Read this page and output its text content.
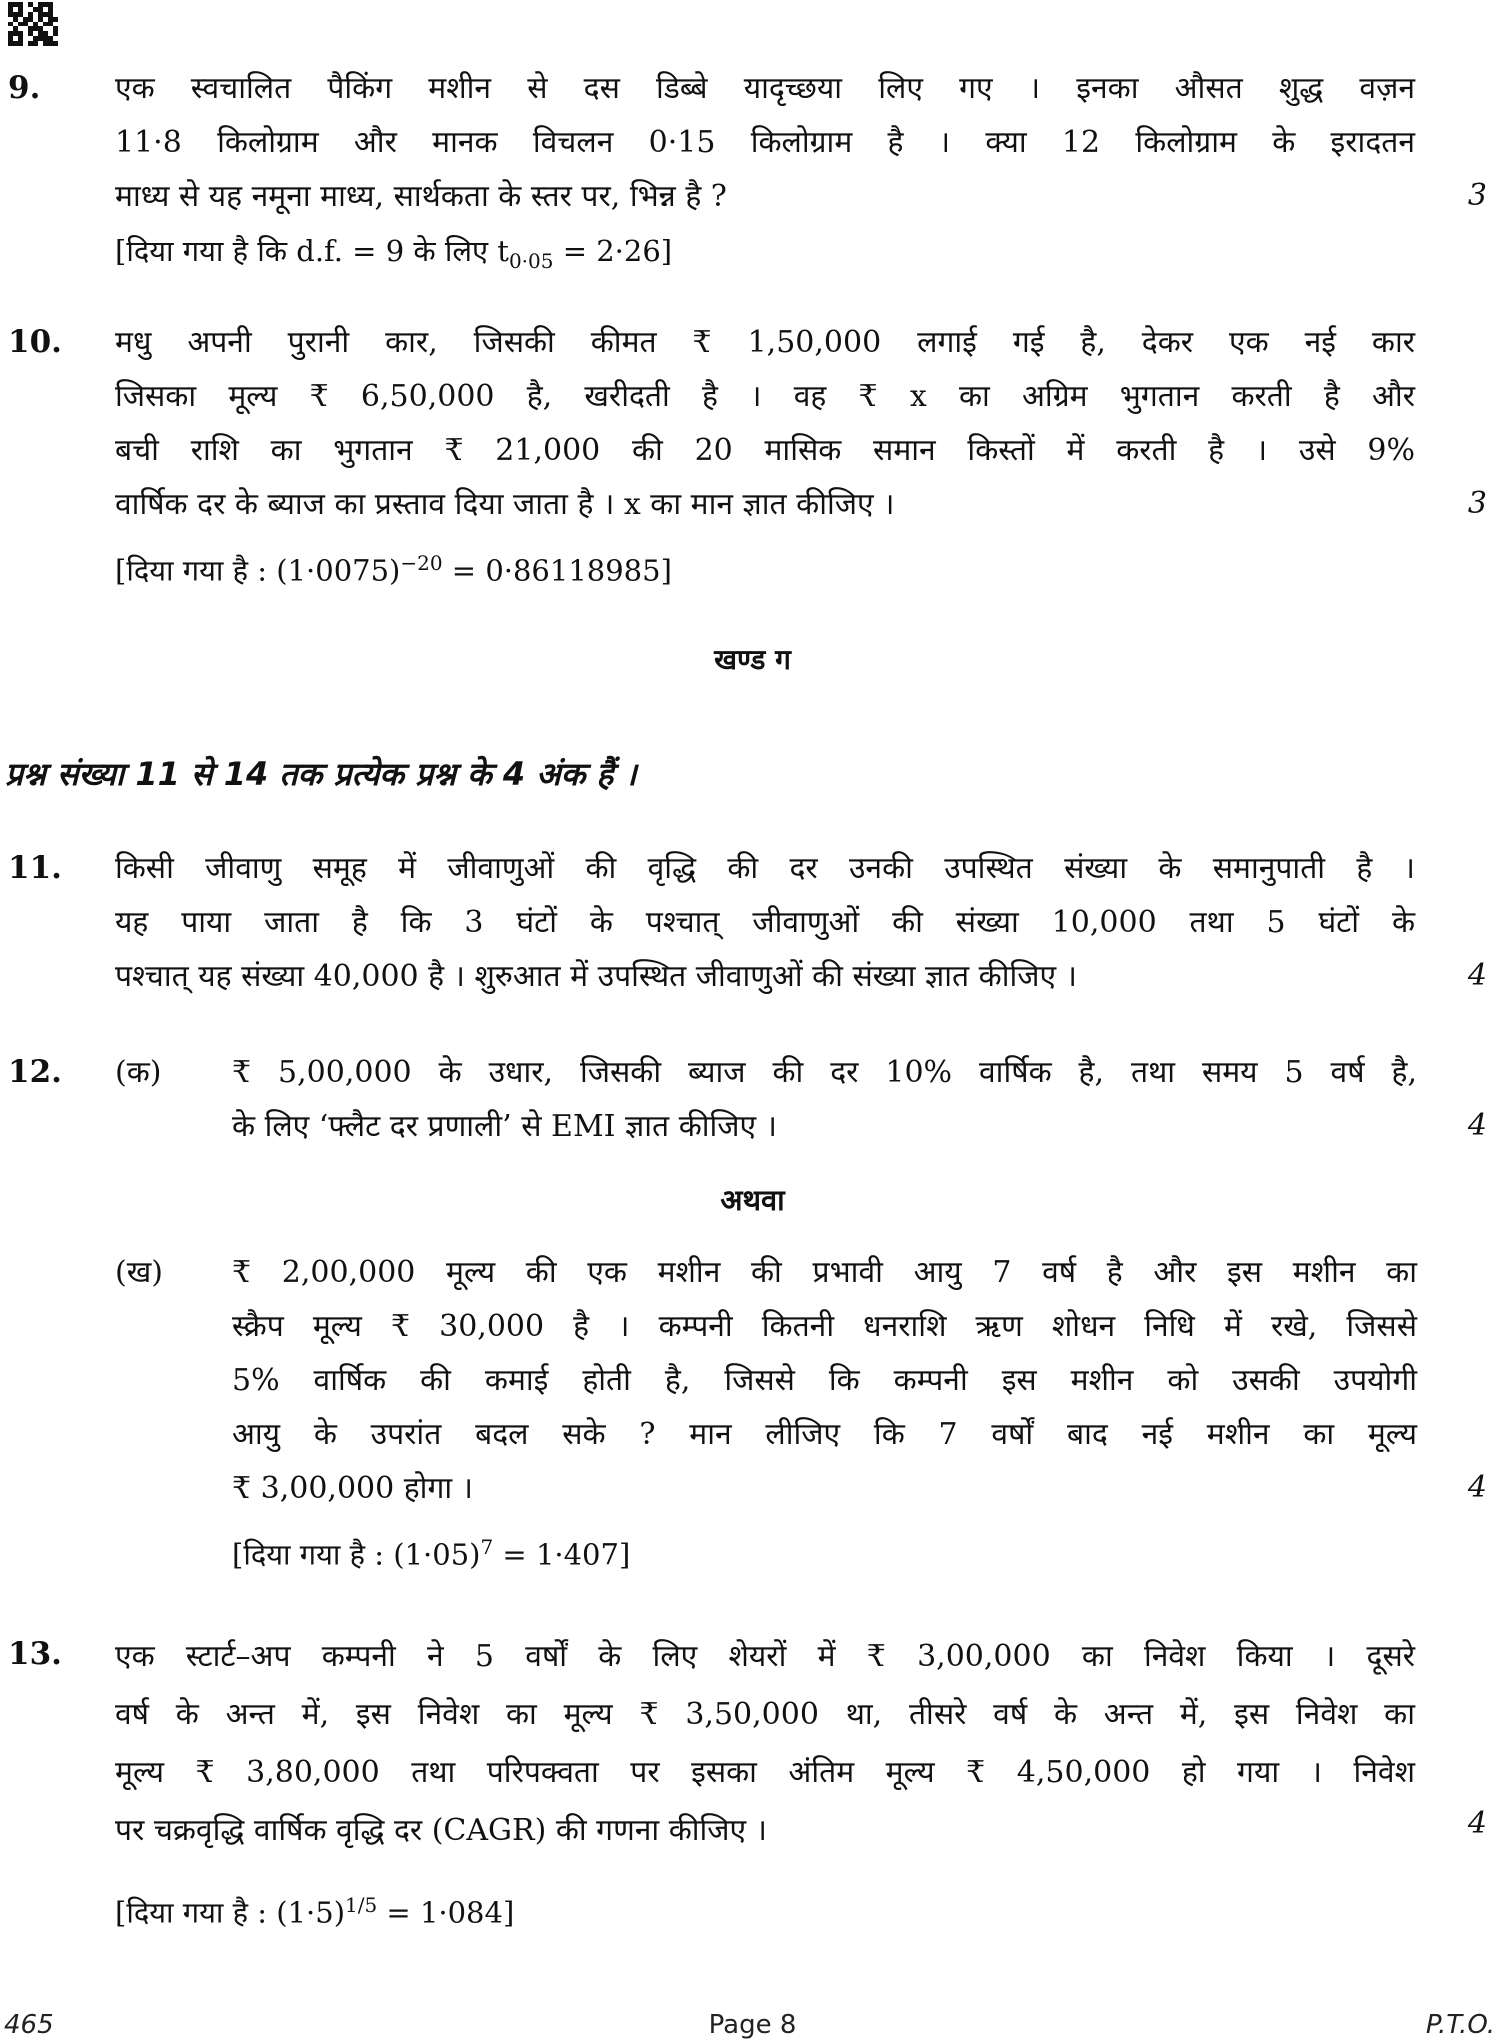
9. एक स्वचालित पैकिंग मशीन से दस डिब्बे यादृच्छया लिए गए । इनका औसत शुद्ध वज़न
11·8 किलोग्राम और मानक विचलन 0·15 किलोग्राम है । क्या 12 किलोग्राम के इरादतन
माध्य से यह नमूना माध्य, सार्थकता के स्तर पर, भिन्न है ?
[दिया गया है कि d.f. = 9 के लिए $t_{0\cdot 05} = 2\cdot 26$]
3
10. मधु अपनी पुरानी कार, जिसकी कीमत ₹ 1,50,000 लगाई गई है, देकर एक नई कार
जिसका मूल्य ₹ 6,50,000 है, खरीदती है । वह ₹ x का अग्रिम भुगतान करती है और
बची राशि का भुगतान ₹ 21,000 की 20 मासिक समान किस्तों में करती है । उसे 9%
वार्षिक दर के ब्याज का प्रस्ताव दिया जाता है । x का मान ज्ञात कीजिए ।
[दिया गया है : $(1\cdot 0075)^{-20} = 0\cdot 86118985$]
3
खण्ड ग
प्रश्न संख्या 11 से 14 तक प्रत्येक प्रश्न के 4 अंक हैं ।
11. किसी जीवाणु समूह में जीवाणुओं की वृद्धि की दर उनकी उपस्थित संख्या के समानुपाती है ।
यह पाया जाता है कि 3 घंटों के पश्चात् जीवाणुओं की संख्या 10,000 तथा 5 घंटों के
पश्चात् यह संख्या 40,000 है । शुरुआत में उपस्थित जीवाणुओं की संख्या ज्ञात कीजिए ।	4
12. (क) ₹ 5,00,000 के उधार, जिसकी ब्याज की दर 10% वार्षिक है, तथा समय 5 वर्ष है,
के लिए ‘फ्लैट दर प्रणाली’ से EMI ज्ञात कीजिए ।	4
अथवा
(ख) ₹ 2,00,000 मूल्य की एक मशीन की प्रभावी आयु 7 वर्ष है और इस मशीन का
स्क्रैप मूल्य ₹ 30,000 है । कम्पनी कितनी धनराशि ऋण शोधन निधि में रखे, जिससे
5% वार्षिक की कमाई होती है, जिससे कि कम्पनी इस मशीन को उसकी उपयोगी
आयु के उपरांत बदल सके ? मान लीजिए कि 7 वर्षों बाद नई मशीन का मूल्य
₹ 3,00,000 होगा ।
[दिया गया है : $(1\cdot 05)^7 = 1\cdot 407$]
4
13. एक स्टार्ट–अप कम्पनी ने 5 वर्षों के लिए शेयरों में ₹ 3,00,000 का निवेश किया । दूसरे
वर्ष के अन्त में, इस निवेश का मूल्य ₹ 3,50,000 था, तीसरे वर्ष के अन्त में, इस निवेश का
मूल्य ₹ 3,80,000 तथा परिपक्वता पर इसका अंतिम मूल्य ₹ 4,50,000 हो गया । निवेश
पर चक्रवृद्धि वार्षिक वृद्धि दर (CAGR) की गणना कीजिए ।
[दिया गया है : $(1\cdot 5)^{1/5} = 1\cdot 084$]
4
465	Page 8	P.T.O.
